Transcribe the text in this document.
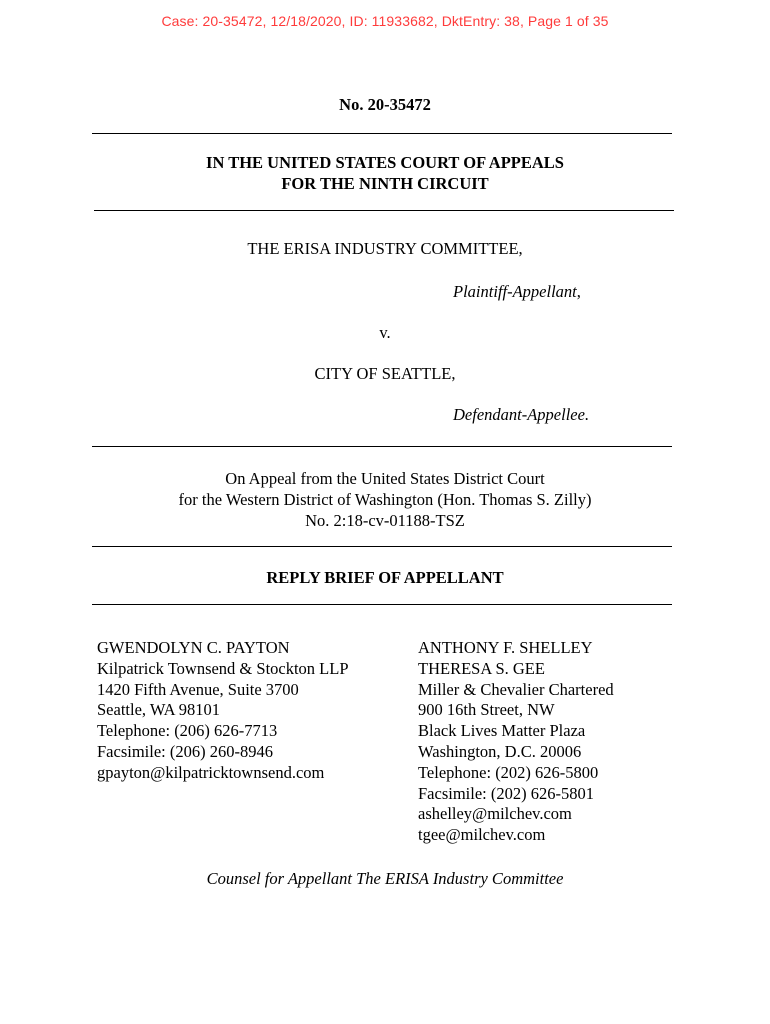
Case: 20-35472, 12/18/2020, ID: 11933682, DktEntry: 38, Page 1 of 35
No. 20-35472
IN THE UNITED STATES COURT OF APPEALS
FOR THE NINTH CIRCUIT
THE ERISA INDUSTRY COMMITTEE,
Plaintiff-Appellant,
v.
CITY OF SEATTLE,
Defendant-Appellee.
On Appeal from the United States District Court
for the Western District of Washington (Hon. Thomas S. Zilly)
No. 2:18-cv-01188-TSZ
REPLY BRIEF OF APPELLANT
GWENDOLYN C. PAYTON
Kilpatrick Townsend & Stockton LLP
1420 Fifth Avenue, Suite 3700
Seattle, WA 98101
Telephone: (206) 626-7713
Facsimile: (206) 260-8946
gpayton@kilpatricktownsend.com
ANTHONY F. SHELLEY
THERESA S. GEE
Miller & Chevalier Chartered
900 16th Street, NW
Black Lives Matter Plaza
Washington, D.C. 20006
Telephone: (202) 626-5800
Facsimile: (202) 626-5801
ashelley@milchev.com
tgee@milchev.com
Counsel for Appellant The ERISA Industry Committee
